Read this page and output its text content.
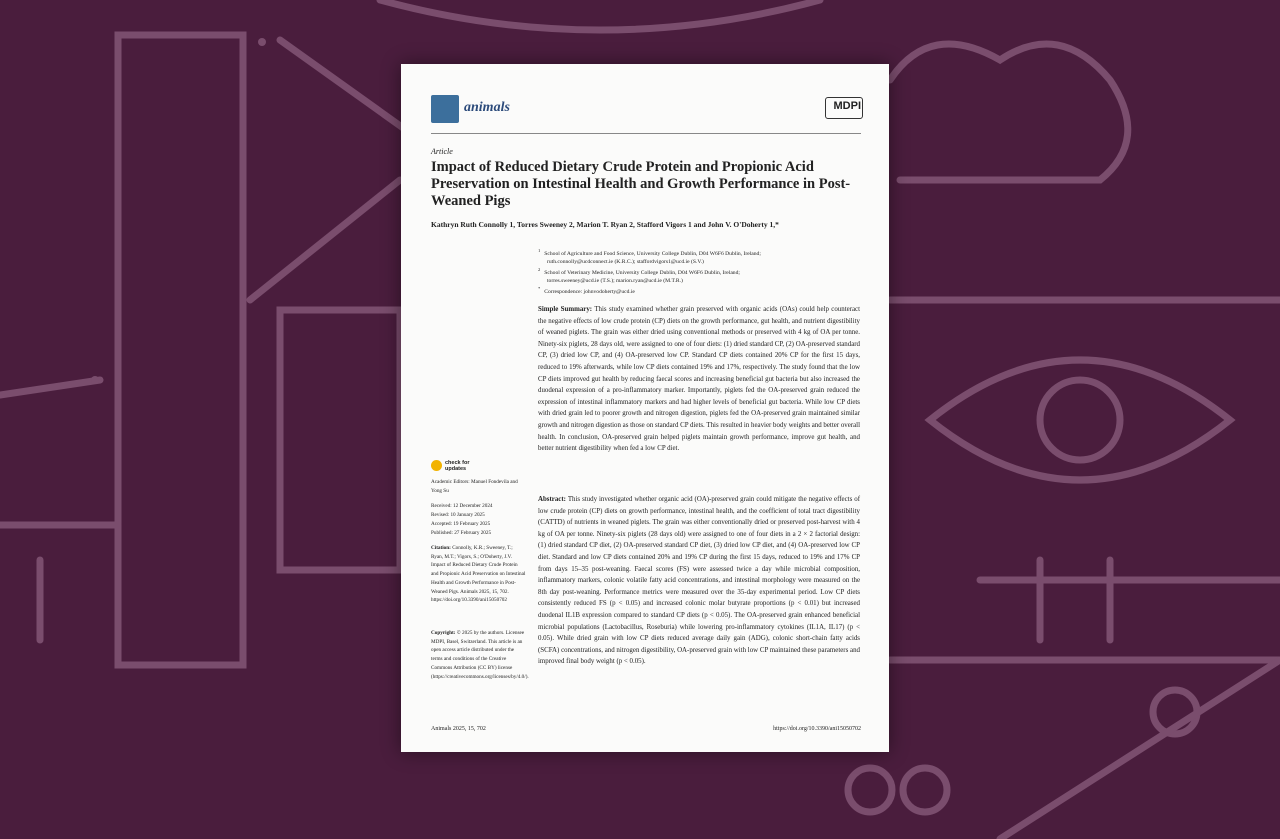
animals	MDPI
Article
Impact of Reduced Dietary Crude Protein and Propionic Acid Preservation on Intestinal Health and Growth Performance in Post-Weaned Pigs
Kathryn Ruth Connolly 1, Torres Sweeney 2, Marion T. Ryan 2, Stafford Vigors 1 and John V. O'Doherty 1,*
$^1$School of Agriculture and Food Science, University College Dublin, D04 W6F6 Dublin, Ireland;
ruth.connolly@ucdconnect.ie (K.R.C.); staffordvigors1@ucd.ie (S.V.)
$^2$School of Veterinary Medicine, University College Dublin, D04 W6F6 Dublin, Ireland;
torres.sweeney@ucd.ie (T.S.); marion.ryan@ucd.ie (M.T.R.)
*Correspondence: johnvodoherty@ucd.ie

Simple Summary: This study examined whether grain preserved with organic acids (OAs) could help counteract the negative effects of low crude protein (CP) diets on the growth performance, gut health, and nutrient digestibility of weaned piglets. The grain was either dried using conventional methods or preserved with 4 kg of OA per tonne. Ninety-six piglets, 28 days old, were assigned to one of four diets: (1) dried standard CP, (2) OA-preserved standard CP, (3) dried low CP, and (4) OA-preserved low CP. Standard CP diets contained 20% CP for the first 15 days, reduced to 19% afterwards, while low CP diets contained 19% and 17%, respectively. The study found that the low CP diets improved gut health by reducing faecal scores and increasing beneficial gut bacteria but also increased the duodenal expression of a pro-inflammatory marker. Importantly, piglets fed the OA-preserved grain reduced the expression of intestinal inflammatory markers and had higher levels of beneficial gut bacteria. While low CP diets with dried grain led to poorer growth and nitrogen digestion, piglets fed the OA-preserved grain maintained similar growth and nitrogen digestion as those on standard CP diets. This resulted in heavier body weights and better overall health. In conclusion, OA-preserved grain helped piglets maintain growth performance, improve gut health, and better nutrient digestibility when fed a low CP diet.

Abstract: This study investigated whether organic acid (OA)-preserved grain could mitigate the negative effects of low crude protein (CP) diets on growth performance, intestinal health, and the coefficient of total tract digestibility (CATTD) of nutrients in weaned piglets. The grain was either conventionally dried or preserved post-harvest with 4 kg of OA per tonne. Ninety-six piglets (28 days old) were assigned to one of four diets in a 2 × 2 factorial design: (1) dried standard CP diet, (2) OA-preserved standard CP diet, (3) dried low CP diet, and (4) OA-preserved low CP diet. Standard and low CP diets contained 20% and 19% CP during the first 15 days, reduced to 19% and 17% CP from days 15–35 post-weaning. Faecal scores (FS) were assessed twice a day while microbial composition, inflammatory markers, colonic volatile fatty acid concentrations, and intestinal morphology were measured on the 8th day post-weaning. Performance metrics were measured over the 35-day experimental period. Low CP diets consistently reduced FS (p < 0.05) and increased colonic molar butyrate proportions (p < 0.01) but increased duodenal IL1B expression compared to standard CP diets (p < 0.05). The OA-preserved grain enhanced beneficial microbial populations (Lactobacillus, Roseburia) while lowering pro-inflammatory cytokines (IL1A, IL17) (p < 0.05). While dried grain with low CP diets reduced average daily gain (ADG), colonic short-chain fatty acids (SCFA) concentrations, and nitrogen digestibility, OA-preserved grain with low CP maintained these parameters and improved final body weight (p < 0.05).

check for updates
Academic Editors: Manuel Fondevila and Yong Su
Received: 12 December 2024
Revised: 10 January 2025
Accepted: 19 February 2025
Published: 27 February 2025
Citation: Connolly, K.R.; Sweeney, T.; Ryan, M.T.; Vigors, S.; O'Doherty, J.V. Impact of Reduced Dietary Crude Protein and Propionic Acid Preservation on Intestinal Health and Growth Performance in Post-Weaned Pigs. Animals 2025, 15, 702. https://doi.org/10.3390/ani15050702
Copyright: © 2025 by the authors. Licensee MDPI, Basel, Switzerland. This article is an open access article distributed under the terms and conditions of the Creative Commons Attribution (CC BY) license (https://creativecommons.org/licenses/by/4.0/).
Animals 2025, 15, 702	https://doi.org/10.3390/ani15050702
